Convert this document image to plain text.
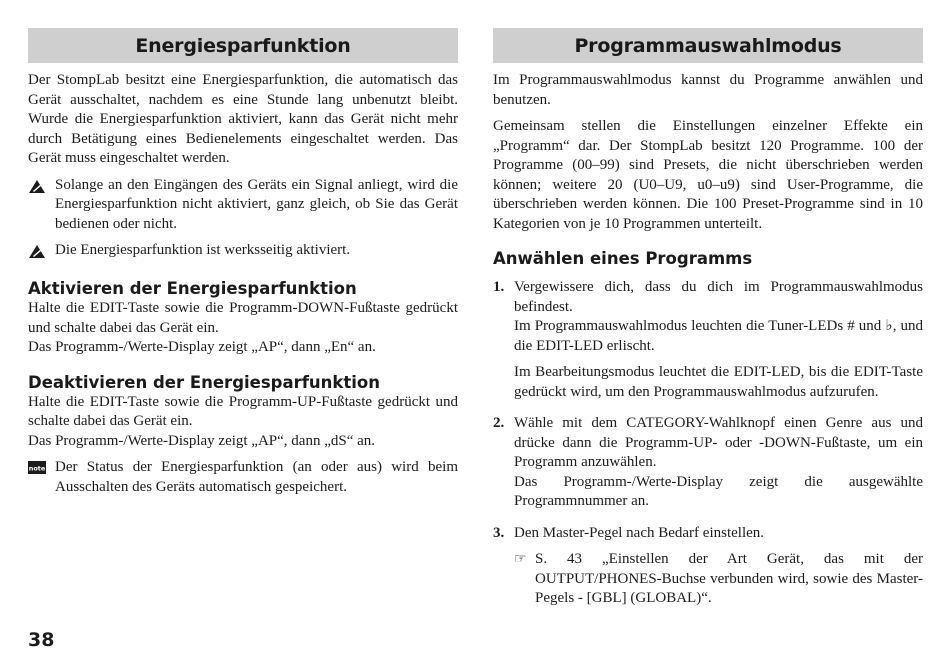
Energiesparfunktion

Der StompLab besitzt eine Energiesparfunktion, die automatisch das Gerät ausschaltet, nachdem es eine Stunde lang unbenutzt bleibt. Wurde die Energiesparfunktion aktiviert, kann das Gerät nicht mehr durch Betätigung eines Bedienelements eingeschaltet werden. Das Gerät muss eingeschaltet werden.

Solange an den Eingängen des Geräts ein Signal anliegt, wird die Energiesparfunktion nicht aktiviert, ganz gleich, ob Sie das Gerät bedienen oder nicht.

Die Energiesparfunktion ist werksseitig aktiviert.

Aktivieren der Energiesparfunktion

Halte die EDIT-Taste sowie die Programm-DOWN-Fußtaste gedrückt und schalte dabei das Gerät ein.

Das Programm-/Werte-Display zeigt „AP“, dann „En“ an.

Deaktivieren der Energiesparfunktion

Halte die EDIT-Taste sowie die Programm-UP-Fußtaste gedrückt und schalte dabei das Gerät ein.

Das Programm-/Werte-Display zeigt „AP“, dann „dS“ an.

note Der Status der Energiesparfunktion (an oder aus) wird beim Ausschalten des Geräts automatisch gespeichert.

Programmauswahlmodus

Im Programmauswahlmodus kannst du Programme anwählen und benutzen.

Gemeinsam stellen die Einstellungen einzelner Effekte ein „Programm“ dar. Der StompLab besitzt 120 Programme. 100 der Programme (00–99) sind Presets, die nicht überschrieben werden können; weitere 20 (U0–U9, u0–u9) sind User-Programme, die überschrieben werden können. Die 100 Preset-Programme sind in 10 Kategorien von je 10 Programmen unterteilt.

Anwählen eines Programms
1. Vergewissere dich, dass du dich im Programmauswahlmodus befindest.

Im Programmauswahlmodus leuchten die Tuner-LEDs # und ♭, und die EDIT-LED erlischt.

Im Bearbeitungsmodus leuchtet die EDIT-LED, bis die EDIT-Taste gedrückt wird, um den Programmauswahlmodus aufzurufen.

2. Wähle mit dem CATEGORY-Wahlknopf einen Genre aus und drücke dann die Programm-UP- oder -DOWN-Fußtaste, um ein Programm anzuwählen.

Das Programm-/Werte-Display zeigt die ausgewählte Programmnummer an.

3. Den Master-Pegel nach Bedarf einstellen.

☞ S. 43 „Einstellen der Art Gerät, das mit der OUTPUT/PHONES-Buchse verbunden wird, sowie des Master-Pegels - [GBL] (GLOBAL)“.

38
